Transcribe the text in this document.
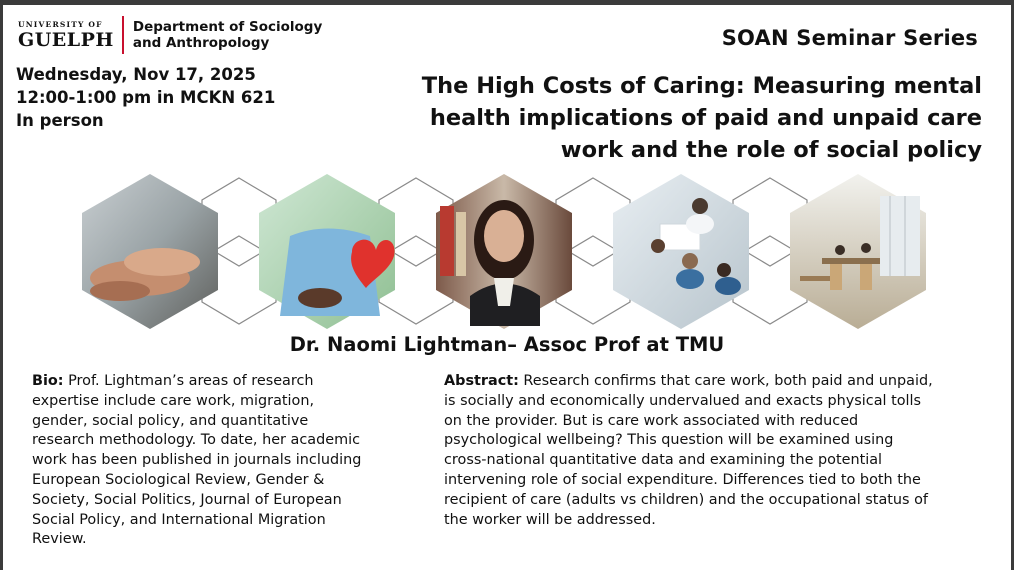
UNIVERSITY OF
GUELPH
Department of Sociology
and Anthropology	SOAN Seminar Series
Wednesday, Nov 17, 2025
12:00-1:00 pm in MCKN 621
In person
The High Costs of Caring: Measuring mental
health implications of paid and unpaid care
work and the role of social policy
Dr. Naomi Lightman– Assoc Prof at TMU
Bio: Prof. Lightman’s areas of research
expertise include care work, migration,
gender, social policy, and quantitative
research methodology. To date, her academic
work has been published in journals including
European Sociological Review, Gender &
Society, Social Politics, Journal of European
Social Policy, and International Migration
Review.
Abstract: Research confirms that care work, both paid and unpaid,
is socially and economically undervalued and exacts physical tolls
on the provider. But is care work associated with reduced
psychological wellbeing? This question will be examined using
cross-national quantitative data and examining the potential
intervening role of social expenditure. Differences tied to both the
recipient of care (adults vs children) and the occupational status of
the worker will be addressed.
